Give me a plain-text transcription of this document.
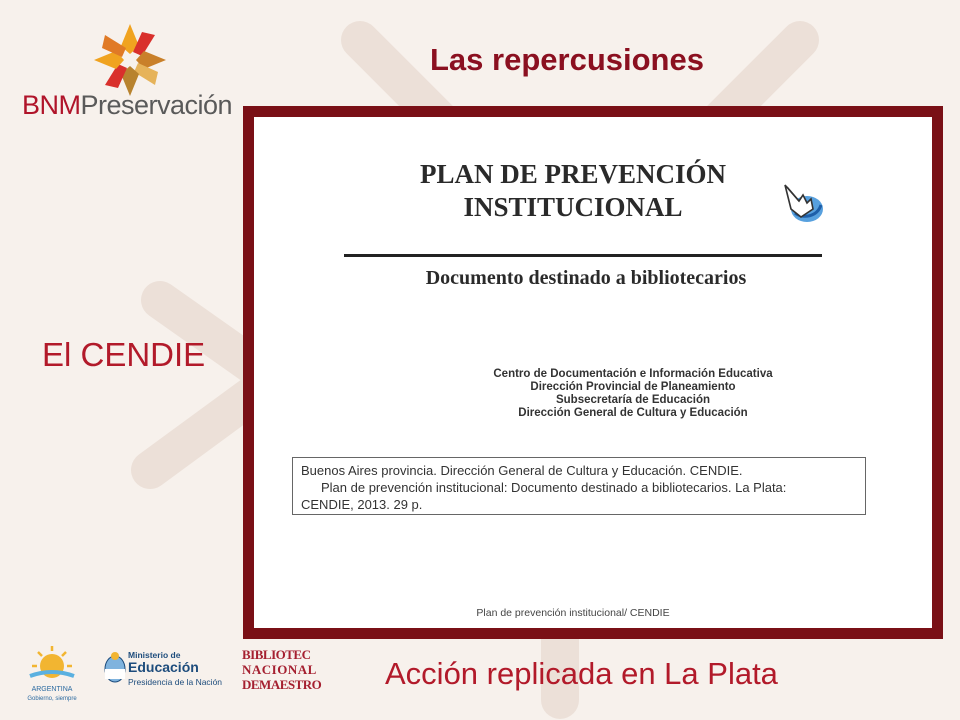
BNMPreservación
Las repercusiones
El CENDIE
PLAN DE PREVENCIÓN
INSTITUCIONAL
Documento destinado a bibliotecarios
Centro de Documentación e Información Educativa
Dirección Provincial de Planeamiento
Subsecretaría de Educación
Dirección General de Cultura y Educación
Buenos Aires provincia. Dirección General de Cultura y Educación. CENDIE.
Plan de prevención institucional: Documento destinado a bibliotecarios. La Plata:
CENDIE, 2013. 29 p.
Plan de prevención institucional/ CENDIE
Acción replicada en La Plata
ARGENTINA
Gobierno, siempre
Ministerio de
Educación
Presidencia de la Nación
BIBLIOTEC
NACIONAL
DEMAESTRO
